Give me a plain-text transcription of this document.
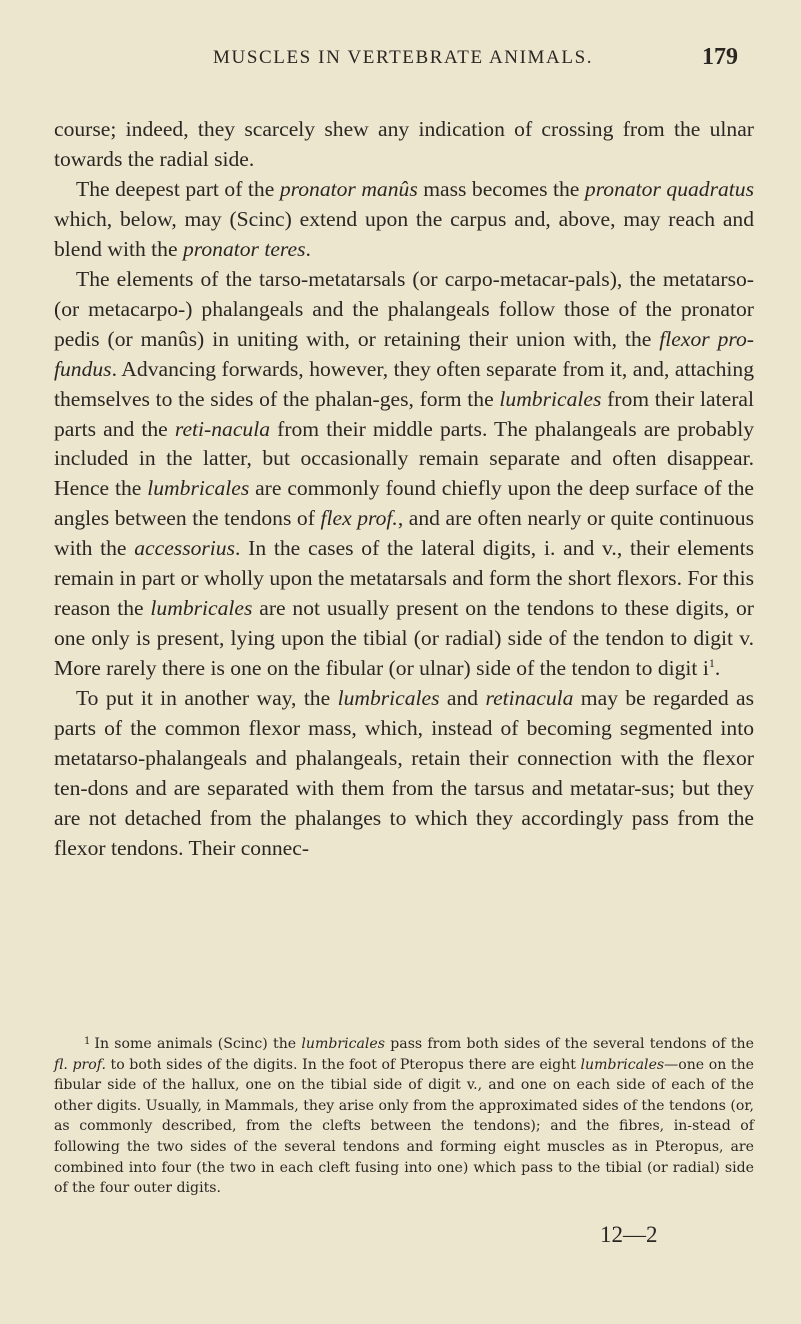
MUSCLES IN VERTEBRATE ANIMALS.	179

course; indeed, they scarcely shew any indication of crossing from the ulnar towards the radial side.

The deepest part of the pronator manûs mass becomes the pronator quadratus which, below, may (Scinc) extend upon the carpus and, above, may reach and blend with the pronator teres.

The elements of the tarso-metatarsals (or carpo-metacar-pals), the metatarso- (or metacarpo-) phalangeals and the phalangeals follow those of the pronator pedis (or manûs) in uniting with, or retaining their union with, the flexor pro-fundus. Advancing forwards, however, they often separate from it, and, attaching themselves to the sides of the phalan-ges, form the lumbricales from their lateral parts and the reti-nacula from their middle parts. The phalangeals are probably included in the latter, but occasionally remain separate and often disappear. Hence the lumbricales are commonly found chiefly upon the deep surface of the angles between the tendons of flex prof., and are often nearly or quite continuous with the accessorius. In the cases of the lateral digits, i. and v., their elements remain in part or wholly upon the metatarsals and form the short flexors. For this reason the lumbricales are not usually present on the tendons to these digits, or one only is present, lying upon the tibial (or radial) side of the tendon to digit v. More rarely there is one on the fibular (or ulnar) side of the tendon to digit $i^1$.

To put it in another way, the lumbricales and retinacula may be regarded as parts of the common flexor mass, which, instead of becoming segmented into metatarso-phalangeals and phalangeals, retain their connection with the flexor ten-dons and are separated with them from the tarsus and metatar-sus; but they are not detached from the phalanges to which they accordingly pass from the flexor tendons. Their connec-

$^1$ In some animals (Scinc) the lumbricales pass from both sides of the several tendons of the fl. prof. to both sides of the digits. In the foot of Pteropus there are eight lumbricales—one on the fibular side of the hallux, one on the tibial side of digit v., and one on each side of each of the other digits. Usually, in Mammals, they arise only from the approximated sides of the tendons (or, as commonly described, from the clefts between the tendons); and the fibres, in-stead of following the two sides of the several tendons and forming eight muscles as in Pteropus, are combined into four (the two in each cleft fusing into one) which pass to the tibial (or radial) side of the four outer digits.
12—2
